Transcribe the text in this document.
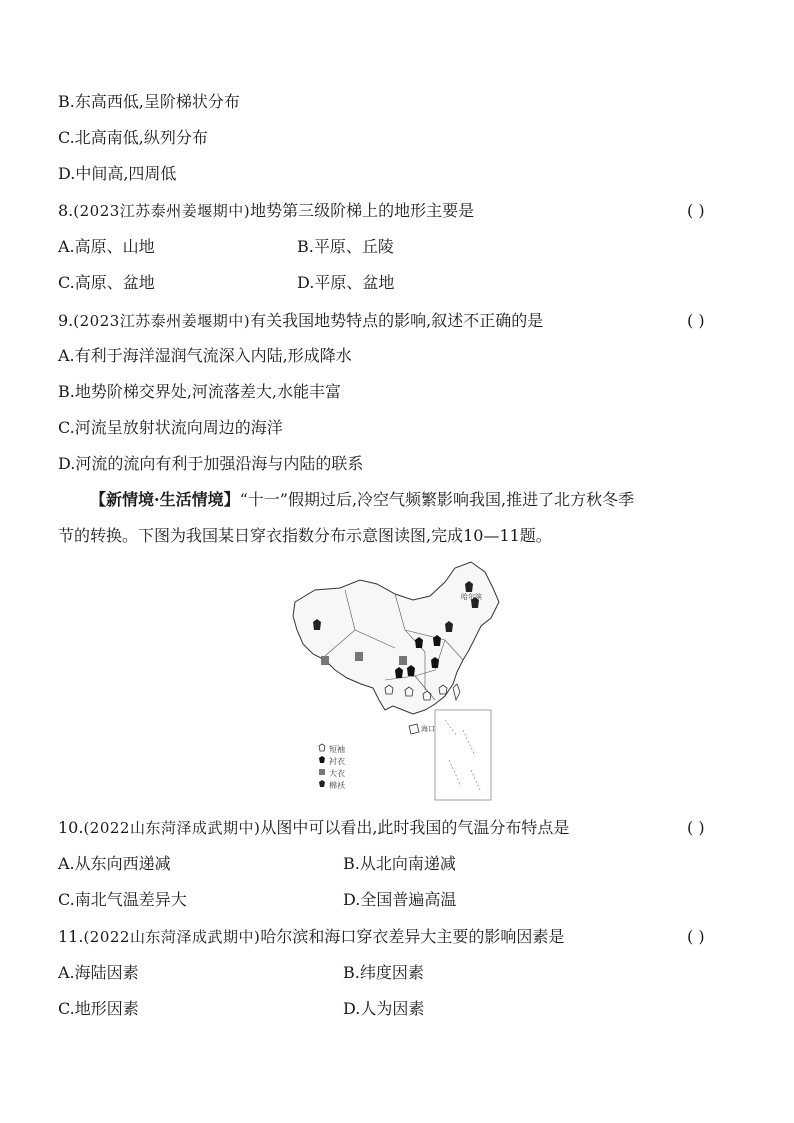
B.东高西低,呈阶梯状分布
C.北高南低,纵列分布
D.中间高,四周低
8.(2023江苏泰州姜堰期中)地势第三级阶梯上的地形主要是	( )
A.高原、山地	B.平原、丘陵
C.高原、盆地	D.平原、盆地
9.(2023江苏泰州姜堰期中)有关我国地势特点的影响,叙述不正确的是	( )
A.有利于海洋湿润气流深入内陆,形成降水
B.地势阶梯交界处,河流落差大,水能丰富
C.河流呈放射状流向周边的海洋
D.河流的流向有利于加强沿海与内陆的联系
【新情境·生活情境】“十一”假期过后,冷空气频繁影响我国,推进了北方秋冬季
节的转换。下图为我国某日穿衣指数分布示意图读图,完成10—11题。
哈尔滨
海口
短袖
衬衣
大衣
棉袄
10.(2022山东菏泽成武期中)从图中可以看出,此时我国的气温分布特点是	( )
A.从东向西递减	B.从北向南递减
C.南北气温差异大	D.全国普遍高温
11.(2022山东菏泽成武期中)哈尔滨和海口穿衣差异大主要的影响因素是	( )
A.海陆因素	B.纬度因素
C.地形因素	D.人为因素
